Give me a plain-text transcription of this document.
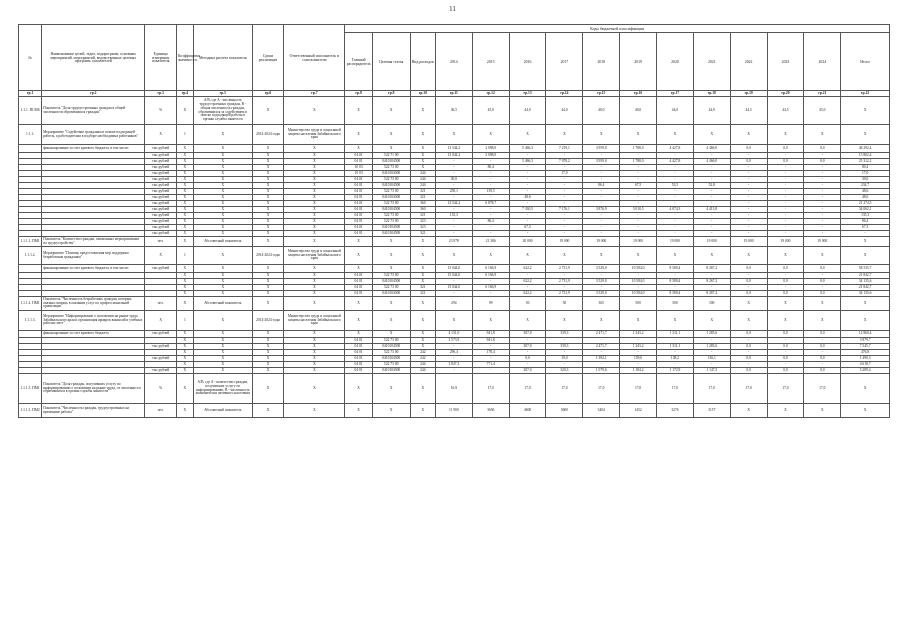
11
№	Наименование целей, задач, подпрограмм, основных мероприятий, мероприятий, ведомственных целевых программ, показателей	Единица измерения показателя	Коэффициент значимости	Методика расчета показателя	Сроки реализации	Ответственный исполнитель и соисполнители	Коды бюджетной классификации														
							Главный распорядитель	Целевая статья	Вид расходов	2014	2015	2016	2017	2018	2019	2020	2021	2022	2023	2024	Итого
гр.1	гр.2	гр.3	гр.4	гр.5	гр.6	гр.7	гр.8	гр.9	гр.10	гр.11	гр.12	гр.13	гр.14	гр.15	гр.16	гр.17	гр.18	гр.19	гр.20	гр.21	гр.22
1.1.1. ПСМ6	Показатель "Доля трудоустроенных граждан в общей численности обратившихся граждан"	%	X	A/B, где A - численность трудоустроенных граждан, B - общая численность граждан, обратившихся за содействием в поиске подходящей работы в органы службы занятости	X	X	X	X	X	36,5	45,0	44,0	44,0	40,0	40,0	44,0	44,0	44,5	44,5	45,0	X
1.1.1.	Мероприятие "Содействие гражданам в поиске подходящей работы, а работодателям в подборе необходимых работников"	X	1	X	2014-2024 годы	Министерство труда и социальной защиты населения Забайкальского края	X	X	X	X	X	X	X	X	X	X	X	X	X	X	X
	финансирование за счет краевого бюджета, в том числе:	тыс.рублей	X	X	X	X	X	X	X	13 544,2	2 098,0	5 466,3	7 219,1	3 959,0	1 788,0	4 427,8	4 466,0	0,0	0,0	0,0	46 292,4
		тыс.рублей	X	X	X	X	04 01	522 71 00	X	13 044,2	2 098,0	-	-	-	-	-	-	-	-	-	15 862,4
		тыс.рублей	X	X	X	X	04 01	0410104500	X	-	-	5 466,3	7 078,2	3 959,0	1 788,0	4 427,8	4 466,0	0,0	0,0	0,0	25 312,2
		тыс.рублей	X	X	X	X	10 03	522 73 00	X	-	80,4	-	-	-	-	-	-	-	-	-	80,4
		тыс.рублей	X	X	X	X	10 03	0410104500	244	-	-	-	17,0	-	-	-	-	-	-	-	17,0
		тыс.рублей	X	X	X	X	04 01	522 73 00	244	30,0	-	-	-	-	-	-	-	-	-	-	30,0
		тыс.рублей	X	X	X	X	04 01	0410104500	244	-	-	-	-	86,4	67,5	53,5	52,8	-	-	-	234,7
		тыс.рублей	X	X	X	X	04 01	522 73 00	321	250,1	139,5	-	-	-	-	-	-	-	-	-	48,6
		тыс.рублей	X	X	X	X	04 01	0410104500	321	-	-	48,6	-	-	-	-	-	-	-	-	48,6
		тыс.рублей	X	X	X	X	04 01	522 73 00	360	13 544,2	6 878,7	-	-	-	-	-	-	-	-	-	21 274,5
		тыс.рублей	X	X	X	X	04 01	0410104500	360	-	-	7 330,5	7 176,1	3 876,9	3 010,5	4 074,3	4 413,8	-	-	-	34 062,1
		тыс.рублей	X	X	X	X	04 01	522 73 00	321	135,3	-	-	-	-	-	-	-	-	-	-	135,3
		тыс.рублей	X	X	X	X	04 01	522 73 00	323	-	86,4	-	-	-	-	-	-	-	-	-	86,4
		тыс.рублей	X	X	X	X	04 01	0410104500	323	-	-	67,3	-	-	-	-	-	-	-	-	67,3
		тыс.рублей	X	X	X	X	04 01	0410104500	321	-	-	-	-	-	-	-	-	-	-	-	-
1.1.1.1. ПМ1	Показатель "Количество граждан, охваченных мероприятиями по трудоустройству"	чел.	X	Абсолютный показатель	X	X	X	X	X	23 978	21 386	20 000	19 000	19 000	19 000	19 000	19 000	19 000	19 000	19 000	X
1.1.1.2.	Мероприятие "Помощь предоставления мер поддержки безработным гражданам"	X	1	X	2014-2024 годы	Министерство труда и социальной защиты населения Забайкальского края	X	X	X	X	X	X	X	X	X	X	X	X	X	X	X
	финансирование за счет краевого бюджета, в том числе:	тыс.рублей	X	X	X	X	X	X	X	15 044,0	6 166,9	622,2	2 731,9	3 529,0	10 584,0	8 580,4	8 267,2	0,0	0,0	0,0	58 535,7
			X	X	X	X	04 01	522 73 00	X	15 044,0	6 166,9	-	-	-	-	-	-	-	-	-	21 842,7
			X	X	X	X	04 01	0410104500	X	-	-	622,2	2 731,9	3 529,0	10 584,0	8 580,4	8 267,2	0,0	0,0	0,0	34 135,6
			X	X	X	X	04 01	522 73 00	321	15 044,0	6 166,9	-	-	-	-	-	-	-	-	-	21 842,7
			X	X	X	X	04 01	0410104500	321	-	-	622,2	2 731,9	3 529,0	10 584,0	8 580,4	8 267,2	0,0	0,0	0,0	34 135,6
1.1.1.2. ПМ1	Показатель "Численность безработных граждан, которым оказана помощь в оказании услуг по профессиональной ориентации"	чел.	X	Абсолютный показатель	X	X	X	X	X	294	99	50	50	365	500	500	500	X	X	X	X
1.1.1.3.	Мероприятие "Информирование о положении на рынке труда Забайкальского края и организация ярмарок вакансий и учебных рабочих мест"	X	1	X	2014-2024 годы	Министерство труда и социальной защиты населения Забайкальского края	X	X	X	X	X	X	X	X	X	X	X	X	X	X	X
	финансирование за счет краевого бюджета	тыс.рублей	X	X	X	X	X	X	X	4 131,0	941,8	307,0	339,3	2 471,7	1 343,2	1 311,1	1 283,6	0,0	0,0	0,0	12 860,4
			X	X	X	X	04 01	522 73 00	X	3 573,9	941,8	-	-	-	-	-	-	-	-	-	3 979,7
		тыс.рублей	X	X	X	X	04 01	0410104500	X	-	-	307,0	339,3	2 471,7	1 343,2	1 311,1	1 283,6	0,0	0,0	0,0	7 545,7
			X	X	X	X	04 01	522 73 00	242	296,4	178,4	-	-	-	-	-	-	-	-	-	476,8
		тыс.рублей	X	X	X	X	04 01	0410104500	242	-	-	0,0	19,0	1 392,1	159,0	138,2	136,1	0,0	0,0	0,0	1 490,3
			X	X	X	X	04 01	522 73 00	244	3 847,3	771,4	-	-	-	-	-	-	-	-	-	4 618,7
		тыс.рублей	X	X	X	X	04 01	0410104500	244	-	-	307,0	320,3	1 079,6	1 184,2	1 172,9	1 147,5	0,0	0,0	0,0	5 289,4
1.1.1.3. ПМ1	Показатель "Доля граждан, получивших услугу по информированию о положении на рынке труда, от численности обратившихся в органы службы занятости"	%	X	A/B, где A - количество граждан, получивших услугу по информированию, B - численность экономически активного населения	X	X	X	X	X	16,9	17,0	17,0	17,0	17,0	17,0	17,0	17,0	17,0	17,0	17,0	X
1.1.1.3. ПМ2	Показатель "Численность граждан, трудоустроенных на временные работы"	чел.	X	Абсолютный показатель	X	X	X	X	X	11 900	3656	4600	5600	3404	1452	3276	3157	X	X	X	X
